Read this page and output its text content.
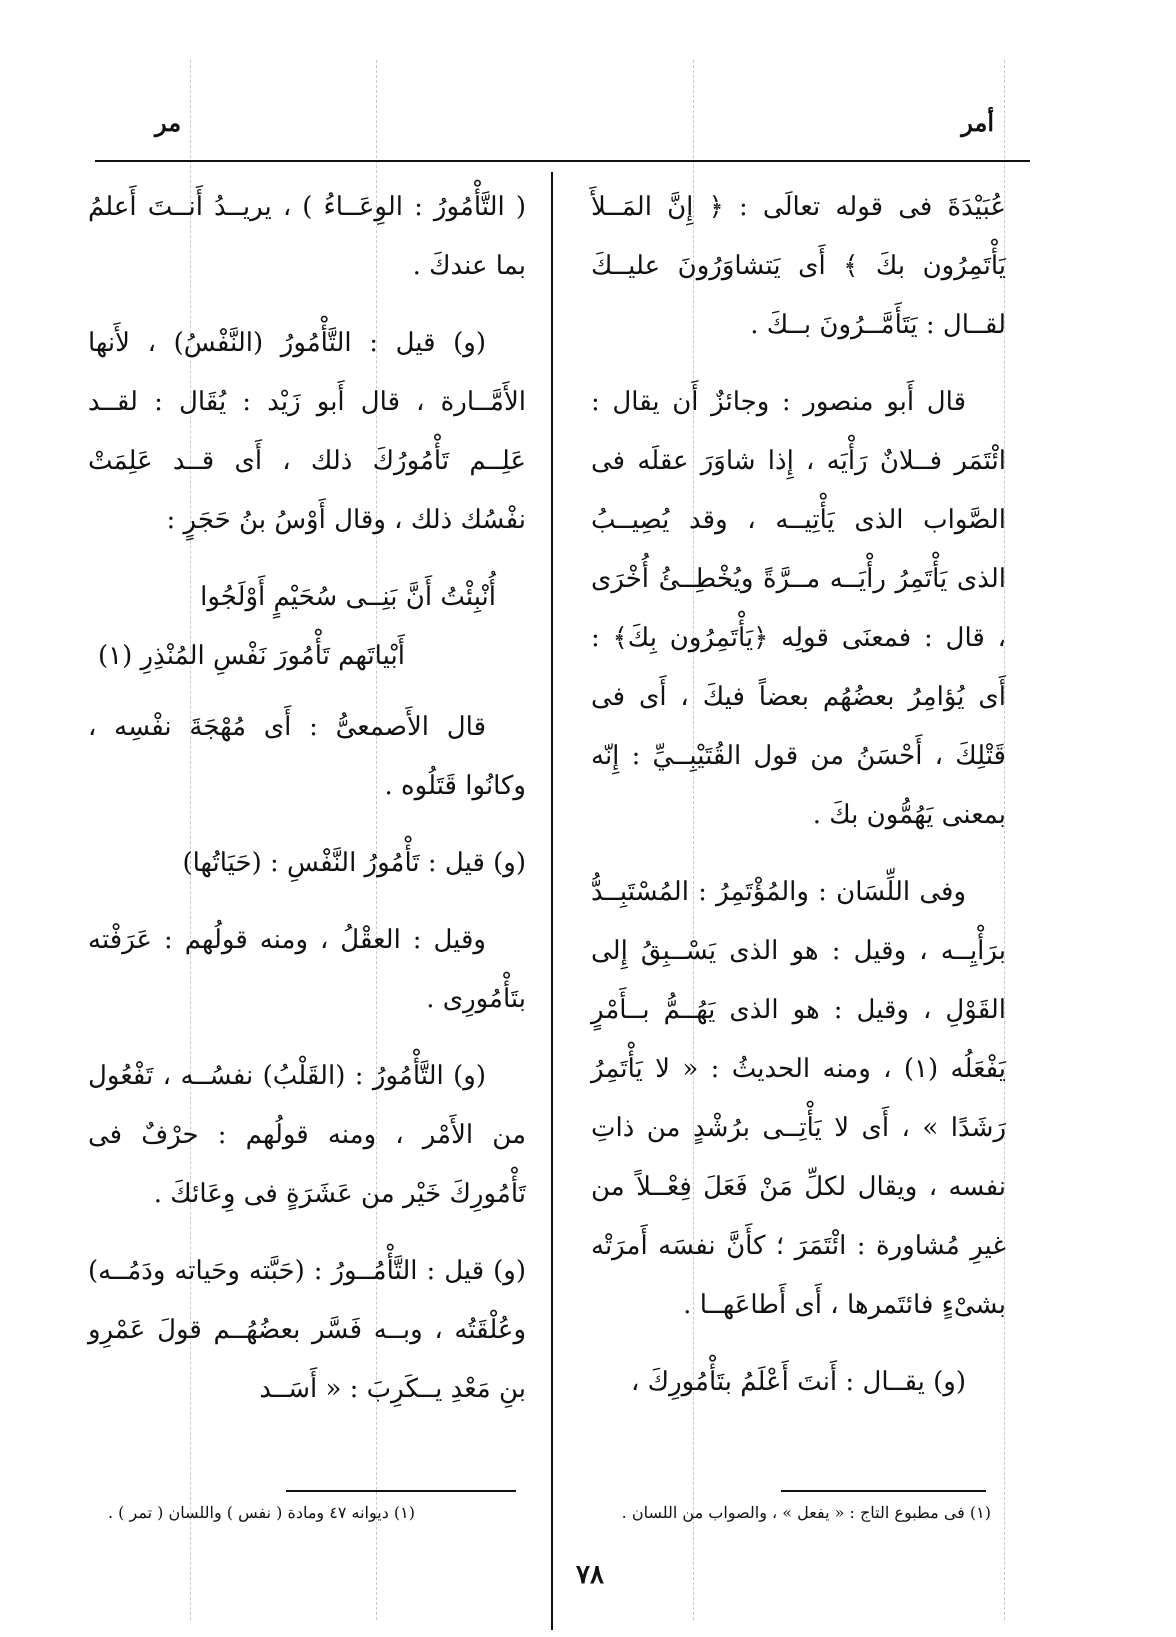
أمر
مر

عُبَيْدَةَ فى قوله تعالَى : ﴿ إِنَّ المَــلأَ يَأْتَمِرُون بكَ ﴾ أَى يَتشاوَرُونَ عليــكَ لقــال : يَتَأَمَّــرُونَ بــكَ .

قال أَبو منصور : وجائزٌ أَن يقال : ائْتَمَر فــلانٌ رَأْيَه ، إِذا شاوَرَ عقلَه فى الصَّواب الذى يَأْتِيــه ، وقد يُصِيــبُ الذى يَأْتَمِرُ رأْيَــه مــرَّةً ويُخْطِــئُ أُخْرَى ، قال : فمعنَى قولِه ﴿يَأْتَمِرُون بِكَ﴾ : أَى يُؤامِرُ بعضُهُم بعضاً فيكَ ، أَى فى قَتْلِكَ ، أَحْسَنُ من قول القُتَيْبِــيِّ : إِنّه بمعنى يَهُمُّون بكَ .

وفى اللِّسَان : والمُؤْتَمِرُ : المُسْتَبِــدُّ برَأْيِــه ، وقيل : هو الذى يَسْــبِقُ إِلى القَوْلِ ، وقيل : هو الذى يَهُــمُّ بــأَمْرٍ يَفْعَلُه (١) ، ومنه الحديثُ : « لا يَأْتَمِرُ رَشَدًا » ، أَى لا يَأْتِــى برُشْدٍ من ذاتِ نفسه ، ويقال لكلِّ مَنْ فَعَلَ فِعْــلاً من غيرِ مُشاورة : ائْتَمَرَ ؛ كأَنَّ نفسَه أَمرَتْه بشىْءٍ فائتَمرها ، أَى أَطاعَهــا .

(و) يقــال : أَنتَ أَعْلَمُ بتَأْمُورِكَ ،

( التَّأْمُورُ : الوِعَــاءُ ) ، يريــدُ أَنــتَ أَعلمُ بما عندكَ .

(و) قيل : التَّأْمُورُ (النَّفْسُ) ، لأَنها الأَمَّــارة ، قال أَبو زَيْد : يُقَال : لقــد عَلِــم تَأْمُورُكَ ذلك ، أَى قــد عَلِمَتْ نفْسُك ذلك ، وقال أَوْسُ بنُ حَجَرٍ :

أُنْبِئْتُ أَنَّ بَنِــى سُحَيْمٍ أَوْلَجُوا
أَبْياتَهم تَأْمُورَ نَفْسِ المُنْذِرِ (١)

قال الأَصمعىُّ : أَى مُهْجَةَ نفْسِه ، وكانُوا قَتَلُوه .

(و) قيل : تَأْمُورُ النَّفْسِ : (حَيَاتُها)

وقيل : العقْلُ ، ومنه قولُهم : عَرَفْته بتَأْمُورِى .

(و) التَّأْمُورُ : (القَلْبُ) نفسُــه ، تَفْعُول من الأَمْر ، ومنه قولُهم : حرْفٌ فى تَأْمُورِكَ خَيْر من عَشَرَةٍ فى وِعَائكَ .

(و) قيل : التَّأْمُــورُ : (حَبَّته وحَياته ودَمُــه) وعُلْقَتُه ، وبــه فَسَّر بعضُهُــم قولَ عَمْرِو بنِ مَعْدِ يــكَرِبَ : « أَسَــد

(١) فى مطبوع التاج : « يفعل » ، والصواب من اللسان .
(١) ديوانه ٤٧ ومادة ( نفس ) واللسان ( تمر ) .
٧٨
